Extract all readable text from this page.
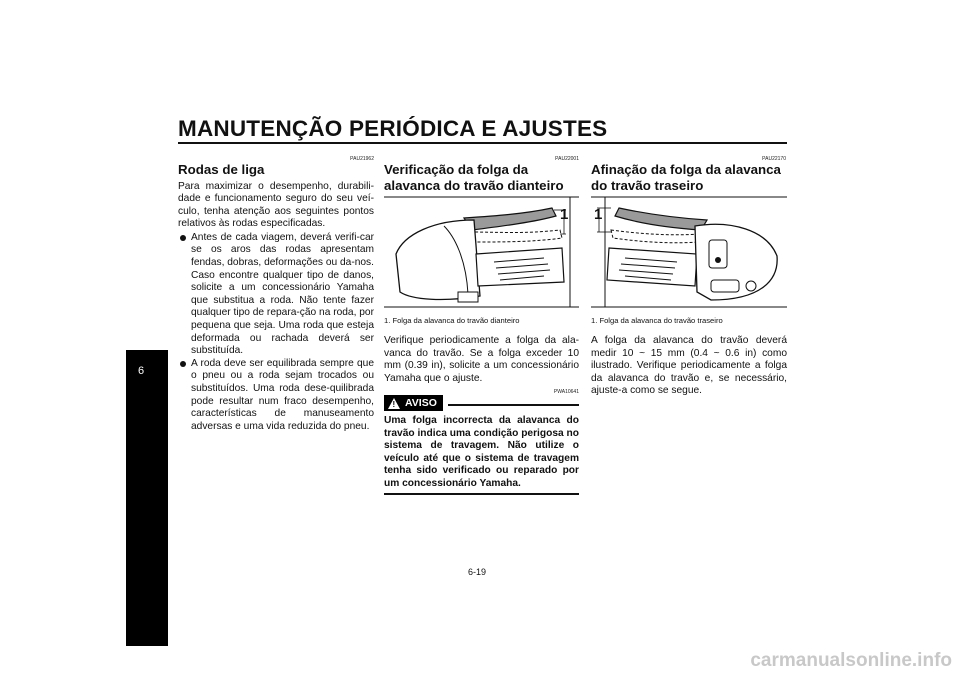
MANUTENÇÃO PERIÓDICA E AJUSTES
6
PAU21962
Rodas de liga

Para maximizar o desempenho, durabili-dade e funcionamento seguro do seu veí-culo, tenha atenção aos seguintes pontos relativos às rodas especificadas.

Antes de cada viagem, deverá verifi-car se os aros das rodas apresentam fendas, dobras, deformações ou da-nos. Caso encontre qualquer tipo de danos, solicite a um concessionário Yamaha que substitua a roda. Não tente fazer qualquer tipo de repara-ção na roda, por pequena que seja. Uma roda que esteja deformada ou rachada deverá ser substituída.
A roda deve ser equilibrada sempre que o pneu ou a roda sejam trocados ou substituídos. Uma roda dese-quilibrada pode resultar num fraco desempenho, características de manuseamento adversas e uma vida reduzida do pneu.
PAU22001
Verificação da folga da alavanca do travão dianteiro
1
1. Folga da alavanca do travão dianteiro

Verifique periodicamente a folga da ala-vanca do travão. Se a folga exceder 10 mm (0.39 in), solicite a um concessionário Yamaha que o ajuste.

PWA10641
! AVISO
Uma folga incorrecta da alavanca do travão indica uma condição perigosa no sistema de travagem. Não utilize o veículo até que o sistema de travagem tenha sido verificado ou reparado por um concessionário Yamaha.
PAU22170
Afinação da folga da alavanca do travão traseiro
1
1. Folga da alavanca do travão traseiro

A folga da alavanca do travão deverá medir 10 ~ 15 mm (0.4 ~ 0.6 in) como ilustrado. Verifique periodicamente a folga da alavanca do travão e, se necessário, ajuste-a como se segue.

6-19
carmanualsonline.info
